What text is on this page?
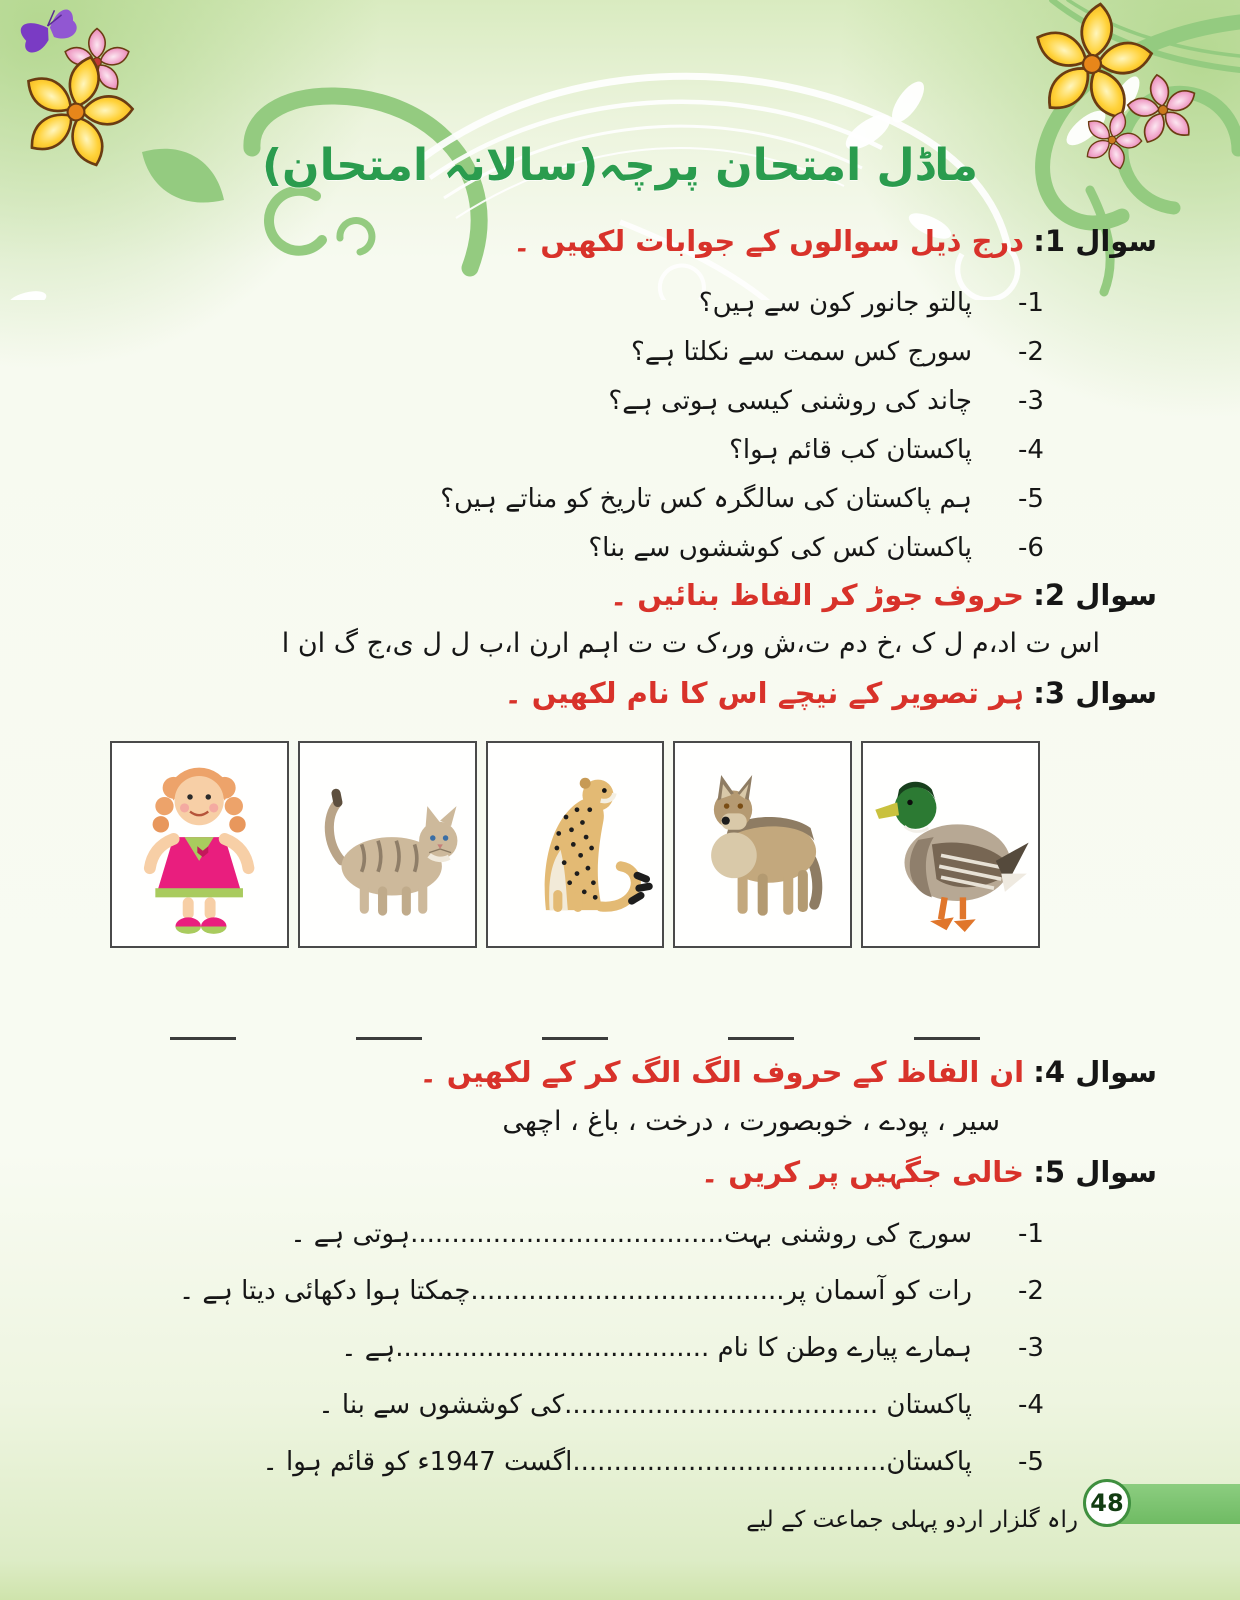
ماڈل امتحان پرچہ(سالانہ امتحان)
سوال 1: درج ذیل سوالوں کے جوابات لکھیں ۔
-1
پالتو جانور کون سے ہیں؟
-2
سورج کس سمت سے نکلتا ہے؟
-3
چاند کی روشنی کیسی ہوتی ہے؟
-4
پاکستان کب قائم ہوا؟
-5
ہم پاکستان کی سالگرہ کس تاریخ کو مناتے ہیں؟
-6
پاکستان کس کی کوششوں سے بنا؟
سوال 2: حروف جوڑ کر الفاظ بنائیں ۔
اس ت اد،م ل ک ،خ دم ت،ش ور،ک ت ت اہم ارن ا،ب ل ل ی،ج گ ان ا
سوال 3: ہر تصویر کے نیچے اس کا نام لکھیں ۔
سوال 4: ان الفاظ کے حروف الگ الگ کر کے لکھیں ۔
سیر ، پودے ، خوبصورت ، درخت ، باغ ، اچھی
سوال 5: خالی جگہیں پر کریں ۔
-1
سورج کی روشنی بہت......................................ہوتی ہے ۔
-2
رات کو آسمان پر......................................چمکتا ہوا دکھائی دیتا ہے ۔
-3
ہمارے پیارے وطن کا نام ......................................ہے ۔
-4
پاکستان ......................................کی کوششوں سے بنا ۔
-5
پاکستان......................................اگست 1947ء کو قائم ہوا ۔
48
راہ گلزار اردو پہلی جماعت کے لیے
